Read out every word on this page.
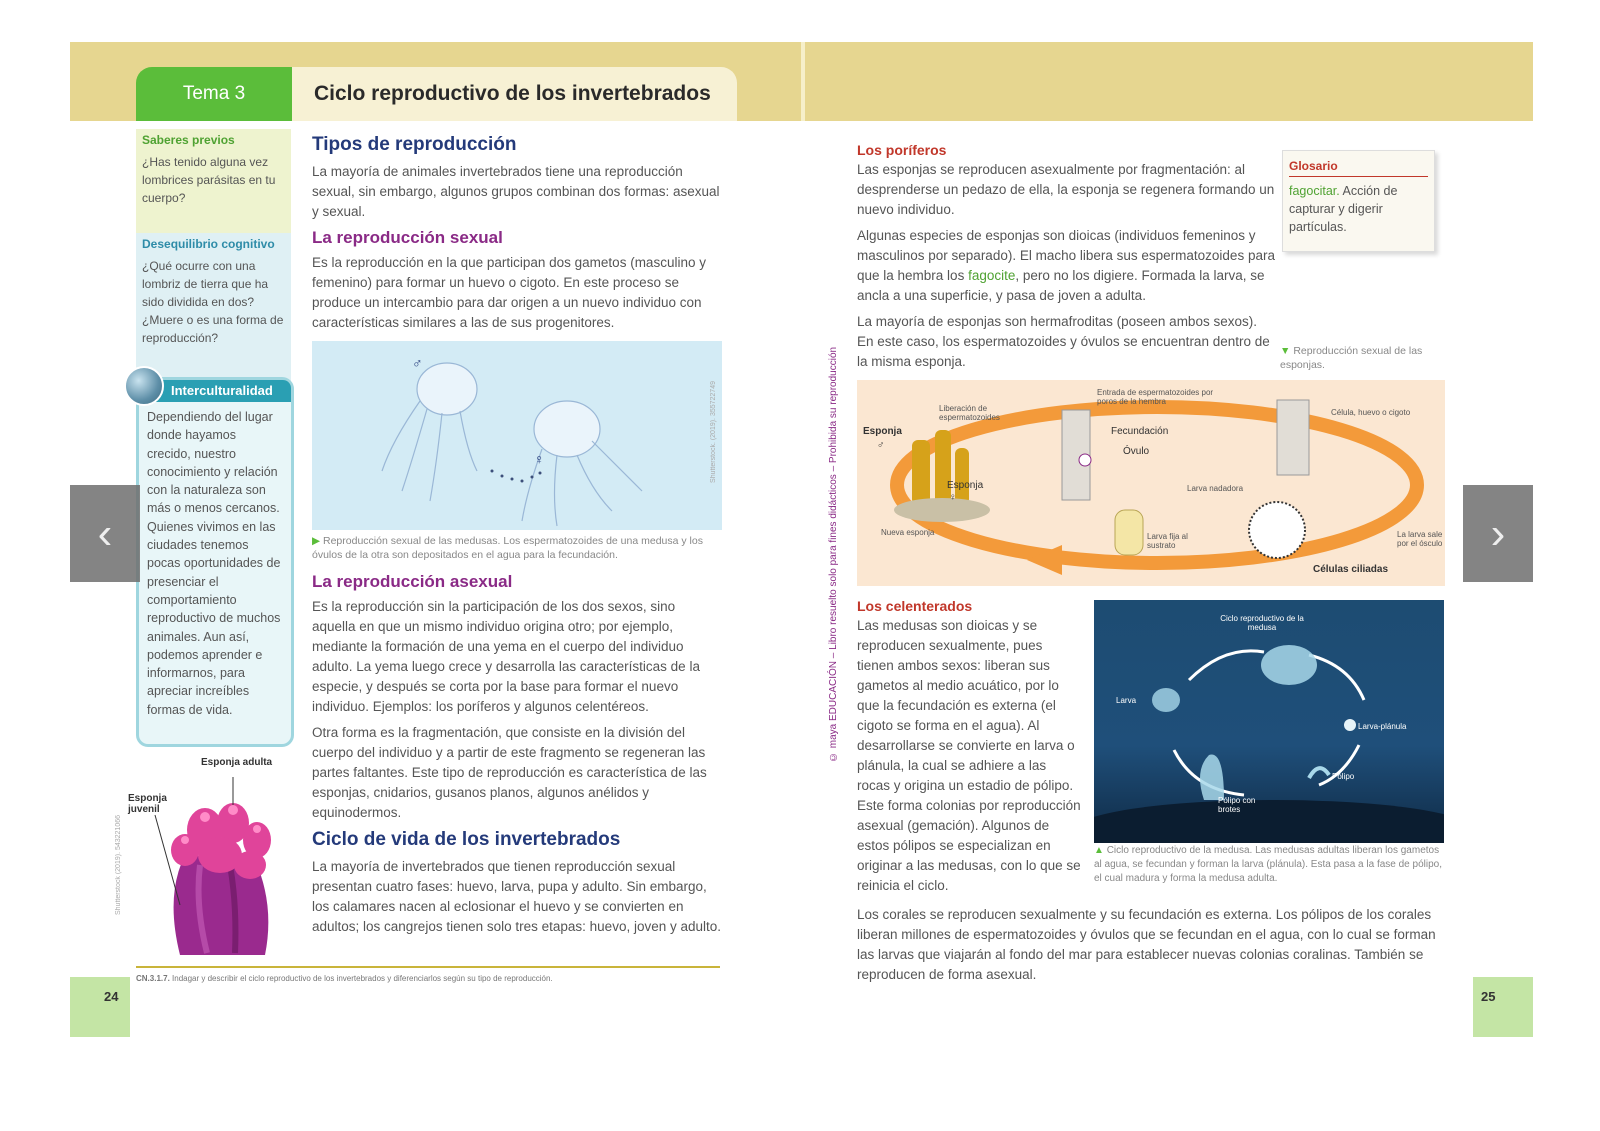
Tema 3	Ciclo reproductivo de los invertebrados
Saberes previos
¿Has tenido alguna vez lombrices parásitas en tu cuerpo?
Desequilibrio cognitivo
¿Qué ocurre con una lombriz de tierra que ha sido dividida en dos? ¿Muere o es una forma de reproducción?
Interculturalidad
Dependiendo del lugar donde hayamos crecido, nuestro conocimiento y relación con la naturaleza son más o menos cercanos. Quienes vivimos en las ciudades tenemos pocas oportunidades de presenciar el comportamiento reproductivo de muchos animales. Aun así, podemos aprender e informarnos, para apreciar increíbles formas de vida.
Esponja adulta
Esponja juvenil
Shutterstock (2019). 543221066
Tipos de reproducción

La mayoría de animales invertebrados tiene una reproducción sexual, sin embargo, algunos grupos combinan dos formas: asexual y sexual.

La reproducción sexual

Es la reproducción en la que participan dos gametos (masculino y femenino) para formar un huevo o cigoto. En este proceso se produce un intercambio para dar origen a un nuevo individuo con características similares a las de sus progenitores.

♂
♀	Shutterstock. (2019). 355722749
▶ Reproducción sexual de las medusas. Los espermatozoides de una medusa y los óvulos de la otra son depositados en el agua para la fecundación.
La reproducción asexual

Es la reproducción sin la participación de los dos sexos, sino aquella en que un mismo individuo origina otro; por ejemplo, mediante la formación de una yema en el cuerpo del individuo adulto. La yema luego crece y desarrolla las características de la especie, y después se corta por la base para formar el nuevo individuo. Ejemplos: los poríferos y algunos celentéreos.

Otra forma es la fragmentación, que consiste en la división del cuerpo del individuo y a partir de este fragmento se regeneran las partes faltantes. Este tipo de reproducción es característica de las esponjas, cnidarios, gusanos planos, algunos anélidos y equinodermos.

Ciclo de vida de los invertebrados

La mayoría de invertebrados que tienen reproducción sexual presentan cuatro fases: huevo, larva, pupa y adulto. Sin embargo, los calamares nacen al eclosionar el huevo y se convierten en adultos; los cangrejos tienen solo tres etapas: huevo, joven y adulto.

CN.3.1.7. Indagar y describir el ciclo reproductivo de los invertebrados y diferenciarlos según su tipo de reproducción.
24	25
© maya EDUCACIÓN – Libro resuelto solo para fines didácticos – Prohibida su reproducción
Los poríferos

Las esponjas se reproducen asexualmente por fragmentación: al desprenderse un pedazo de ella, la esponja se regenera formando un nuevo individuo.

Algunas especies de esponjas son dioicas (individuos femeninos y masculinos por separado). El macho libera sus espermatozoides para que la hembra los fagocite, pero no los digiere. Formada la larva, se ancla a una superficie, y pasa de joven a adulta.

La mayoría de esponjas son hermafroditas (poseen ambos sexos). En este caso, los espermatozoides y óvulos se encuentran dentro de la misma esponja.

Glosario
fagocitar. Acción de capturar y digerir partículas.
▼ Reproducción sexual de las esponjas.
Esponja
♂
Liberación de espermatozoides
Entrada de espermatozoides por poros de la hembra
Fecundación
Óvulo
Célula, huevo o cigoto
Esponja
♀
Larva nadadora
Nueva esponja	Larva fija al sustrato
Células ciliadas
La larva sale por el ósculo
Los celenterados

Las medusas son dioicas y se reproducen sexualmente, pues tienen ambos sexos: liberan sus gametos al medio acuático, por lo que la fecundación es externa (el cigoto se forma en el agua). Al desarrollarse se convierte en larva o plánula, la cual se adhiere a las rocas y origina un estadio de pólipo. Este forma colonias por reproducción asexual (gemación). Algunos de estos pólipos se especializan en originar a las medusas, con lo que se reinicia el ciclo.

Ciclo reproductivo de la medusa
Larva
Larva-plánula
Pólipo
Pólipo con brotes
▲ Ciclo reproductivo de la medusa. Las medusas adultas liberan los gametos al agua, se fecundan y forman la larva (plánula). Esta pasa a la fase de pólipo, el cual madura y forma la medusa adulta.

Los corales se reproducen sexualmente y su fecundación es externa. Los pólipos de los corales liberan millones de espermatozoides y óvulos que se fecundan en el agua, con lo cual se forman las larvas que viajarán al fondo del mar para establecer nuevas colonias coralinas. También se reproducen de forma asexual.

‹	›
